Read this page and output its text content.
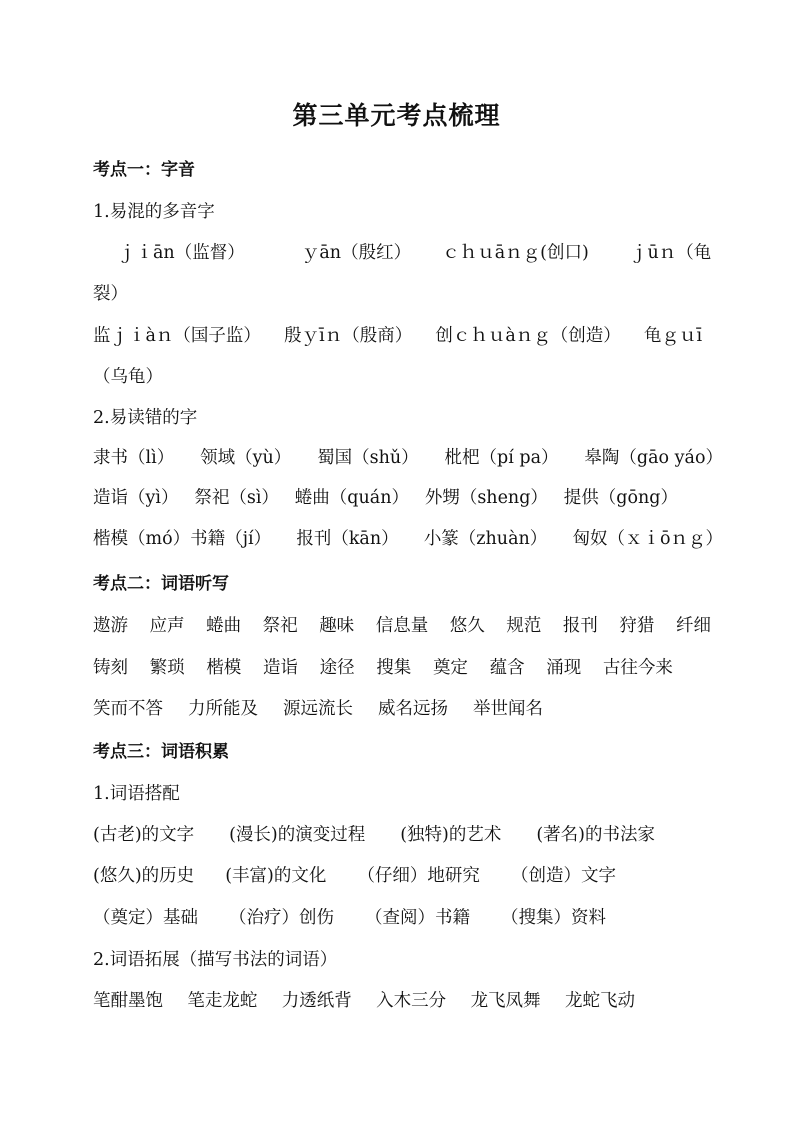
第三单元考点梳理
考点一：字音
1.易混的多音字
ｊｉān（监督）	ｙān（殷红） ｃｈｕāｎｇ(创口) ｊūｎ（龟
裂）
监ｊｉàｎ（国子监） 殷ｙīｎ（殷商） 创ｃｈｕàｎｇ（创造） 龟ｇｕī
（乌龟）
2.易读错的字
隶书（lì） 领域（yù） 蜀国（shǔ） 枇杷（pí pa） 皋陶（gāo yáo）
造诣（yì） 祭祀（sì） 蜷曲（quán） 外甥（sheng） 提供（gōng）
楷模（mó）书籍（jí） 报刊（kān） 小篆（zhuàn） 匈奴（ｘｉōｎｇ）
考点二：词语听写
遨游 应声 蜷曲 祭祀 趣味 信息量 悠久 规范 报刊 狩猎 纤细
铸刻 繁琐 楷模 造诣 途径 搜集 奠定 蕴含 涌现 古往今来
笑而不答 力所能及 源远流长 威名远扬 举世闻名
考点三：词语积累
1.词语搭配
(古老)的文字 (漫长)的演变过程 (独特)的艺术 (著名)的书法家
(悠久)的历史 (丰富)的文化 （仔细）地研究 （创造）文字
（奠定）基础 （治疗）创伤 （查阅）书籍 （搜集）资料
2.词语拓展（描写书法的词语）
笔酣墨饱 笔走龙蛇 力透纸背 入木三分 龙飞凤舞 龙蛇飞动
